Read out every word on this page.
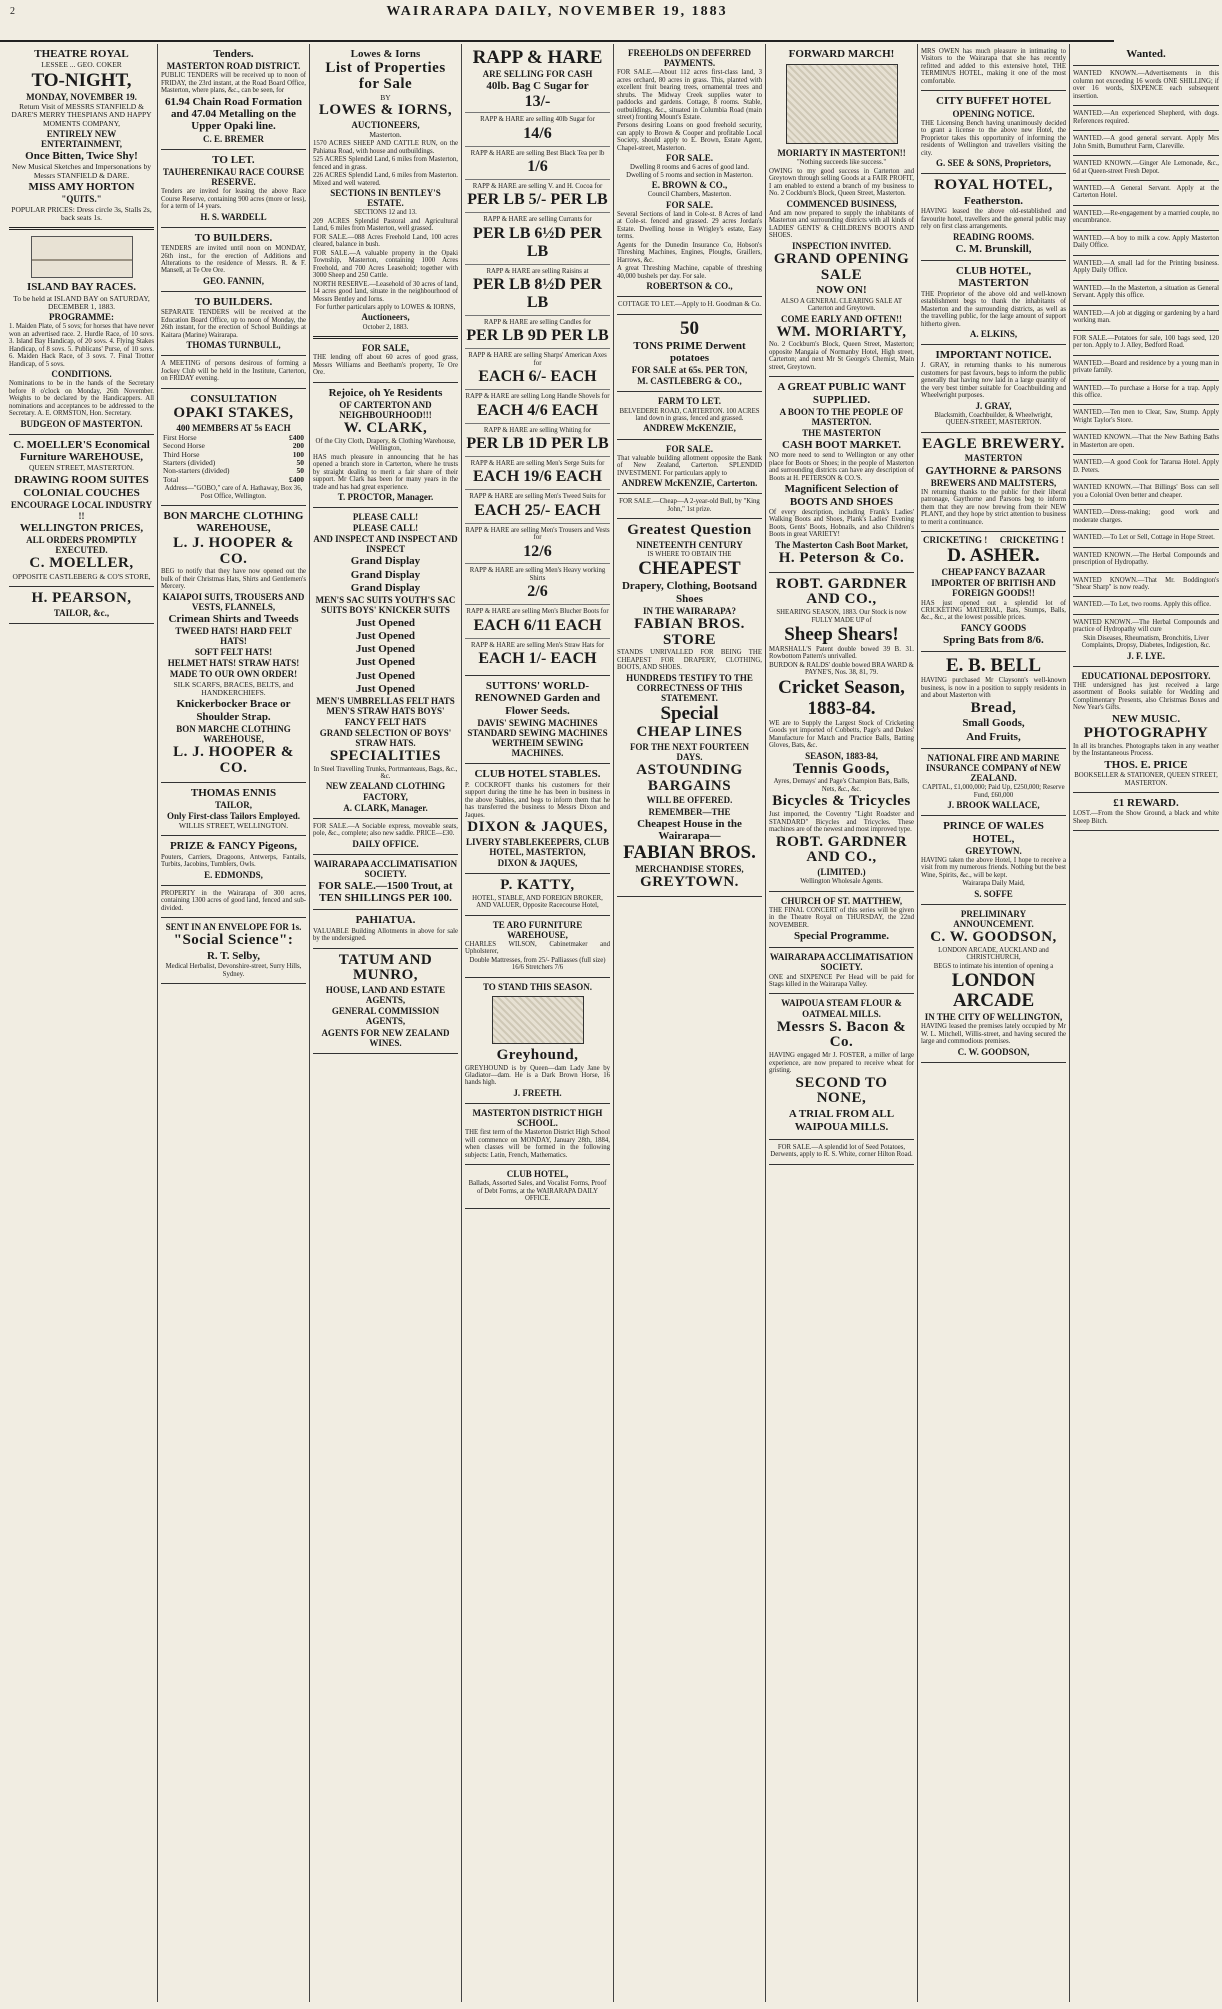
2	WAIRARAPA DAILY, NOVEMBER 19, 1883

THEATRE ROYAL

LESSEE ... GEO. COKER

TO-NIGHT,

MONDAY, NOVEMBER 19.

Return Visit of MESSRS STANFIELD & DARE'S MERRY THESPIANS AND HAPPY MOMENTS COMPANY,

ENTIRELY NEW ENTERTAINMENT,

Once Bitten, Twice Shy!

New Musical Sketches and Impersonations by Messrs STANFIELD & DARE.

MISS AMY HORTON

"QUITS."

POPULAR PRICES: Dress circle 3s, Stalls 2s, back seats 1s.

ISLAND BAY RACES.

To be held at ISLAND BAY on SATURDAY, DECEMBER 1, 1883.

PROGRAMME:

1. Maiden Plate, of 5 sovs; for horses that have never won an advertised race. 2. Hurdle Race, of 10 sovs. 3. Island Bay Handicap, of 20 sovs. 4. Flying Stakes Handicap, of 8 sovs. 5. Publicans' Purse, of 10 sovs. 6. Maiden Hack Race, of 3 sovs. 7. Final Trotter Handicap, of 5 sovs.

CONDITIONS.

Nominations to be in the hands of the Secretary before 8 o'clock on Monday, 26th November. Weights to be declared by the Handicappers. All nominations and acceptances to be addressed to the Secretary. A. E. ORMSTON, Hon. Secretary.

BUDGEON OF MASTERTON.

C. MOELLER'S Economical Furniture WAREHOUSE,

QUEEN STREET, MASTERTON.

DRAWING ROOM SUITES

COLONIAL COUCHES

ENCOURAGE LOCAL INDUSTRY !!

WELLINGTON PRICES,

ALL ORDERS PROMPTLY EXECUTED.

C. MOELLER,

OPPOSITE CASTLEBERG & CO'S STORE,

H. PEARSON,

TAILOR, &c.,

Tenders.

MASTERTON ROAD DISTRICT.

PUBLIC TENDERS will be received up to noon of FRIDAY, the 23rd instant, at the Road Board Office, Masterton, where plans, &c., can be seen, for

61.94 Chain Road Formation and 47.04 Metalling on the Upper Opaki line.

C. E. BREMER

TO LET.

TAUHERENIKAU RACE COURSE RESERVE.

Tenders are invited for leasing the above Race Course Reserve, containing 900 acres (more or less), for a term of 14 years.

H. S. WARDELL

TO BUILDERS.

TENDERS are invited until noon on MONDAY, 26th inst., for the erection of Additions and Alterations to the residence of Messrs. R. & F. Mansell, at Te Ore Ore.

GEO. FANNIN,

TO BUILDERS.

SEPARATE TENDERS will be received at the Education Board Office, up to noon of Monday, the 26th instant, for the erection of School Buildings at Kaitara (Marine) Wairarapa.

THOMAS TURNBULL,

A MEETING of persons desirous of forming a Jockey Club will be held in the Institute, Carterton, on FRIDAY evening.

CONSULTATION

OPAKI STAKES,

400 MEMBERS AT 5s EACH

First Horse	£400
Second Horse	200
Third Horse	100
Starters (divided)	50
Non-starters (divided)	50
Total	£400

Address—"GOBO," care of A. Hathaway, Box 36, Post Office, Wellington.

BON MARCHE CLOTHING WAREHOUSE,

L. J. HOOPER & CO.

BEG to notify that they have now opened out the bulk of their Christmas Hats, Shirts and Gentlemen's Mercery.

KAIAPOI SUITS, TROUSERS AND VESTS, FLANNELS,

Crimean Shirts and Tweeds

TWEED HATS! HARD FELT HATS!

SOFT FELT HATS!

HELMET HATS! STRAW HATS!

MADE TO OUR OWN ORDER!

SILK SCARFS, BRACES, BELTS, and HANDKERCHIEFS.

Knickerbocker Brace or Shoulder Strap.

BON MARCHE CLOTHING WAREHOUSE,

L. J. HOOPER & CO.

THOMAS ENNIS

TAILOR,

Only First-class Tailors Employed.

WILLIS STREET, WELLINGTON.

PRIZE & FANCY Pigeons,

Pouters, Carriers, Dragoons, Antwerps, Fantails, Turbits, Jacobins, Tumblers, Owls.

E. EDMONDS,

PROPERTY in the Wairarapa of 300 acres, containing 1300 acres of good land, fenced and sub-divided.

SENT IN AN ENVELOPE FOR 1s.

"Social Science":

R. T. Selby,

Medical Herbalist, Devonshire-street, Surry Hills, Sydney.

Lowes & Iorns

List of Properties for Sale

BY

LOWES & IORNS,

AUCTIONEERS,

Masterton.

1570 ACRES SHEEP AND CATTLE RUN, on the Pahiatua Road, with house and outbuildings.

525 ACRES Splendid Land, 6 miles from Masterton, fenced and in grass.

226 ACRES Splendid Land, 6 miles from Masterton. Mixed and well watered.

SECTIONS IN BENTLEY'S ESTATE.

SECTIONS 12 and 13.

209 ACRES Splendid Pastoral and Agricultural Land, 6 miles from Masterton, well grassed.

FOR SALE.—088 Acres Freehold Land, 100 acres cleared, balance in bush.

FOR SALE.—A valuable property in the Opaki Township, Masterton, containing 1000 Acres Freehold, and 700 Acres Leasehold; together with 3000 Sheep and 250 Cattle.

NORTH RESERVE.—Leasehold of 30 acres of land, 14 acres good land, situate in the neighbourhood of Messrs Bentley and Iorns.

For further particulars apply to LOWES & IORNS,

Auctioneers,

October 2, 1883.

FOR SALE,

THE lending off about 60 acres of good grass, Messrs Williams and Beetham's property, Te Ore Ore.

Rejoice, oh Ye Residents

OF CARTERTON AND NEIGHBOURHOOD!!!

W. CLARK,

Of the City Cloth, Drapery, & Clothing Warehouse, Wellington,

HAS much pleasure in announcing that he has opened a branch store in Carterton, where he trusts by straight dealing to merit a fair share of their support. Mr Clark has been for many years in the trade and has had great experience.

T. PROCTOR, Manager.

PLEASE CALL!

PLEASE CALL!

AND INSPECT AND INSPECT AND INSPECT

Grand Display

Grand Display

Grand Display

MEN'S SAC SUITS YOUTH'S SAC SUITS BOYS' KNICKER SUITS

Just Opened

Just Opened

Just Opened

Just Opened

Just Opened

Just Opened

MEN'S UMBRELLAS FELT HATS MEN'S STRAW HATS BOYS' FANCY FELT HATS

GRAND SELECTION OF BOYS' STRAW HATS.

SPECIALITIES

In Steel Travelling Trunks, Portmanteaus, Bags, &c., &c.

NEW ZEALAND CLOTHING FACTORY,

A. CLARK, Manager.

FOR SALE.—A Sociable express, moveable seats, pole, &c., complete; also new saddle. PRICE—£30.

DAILY OFFICE.

WAIRARAPA ACCLIMATISATION SOCIETY.

FOR SALE.—1500 Trout, at TEN SHILLINGS PER 100.

PAHIATUA.

VALUABLE Building Allotments in above for sale by the undersigned.

TATUM AND MUNRO,

HOUSE, LAND AND ESTATE AGENTS,

GENERAL COMMISSION AGENTS,

AGENTS FOR NEW ZEALAND WINES.

RAPP & HARE

ARE SELLING FOR CASH

40lb. Bag C Sugar for

13/-

RAPP & HARE are selling 40lb Sugar for

14/6

RAPP & HARE are selling Best Black Tea per lb

1/6

RAPP & HARE are selling V. and H. Cocoa for

PER LB 5/- PER LB

RAPP & HARE are selling Currants for

PER LB 6½D PER LB

RAPP & HARE are selling Raisins at

PER LB 8½D PER LB

RAPP & HARE are selling Candles for

PER LB 9D PER LB

RAPP & HARE are selling Sharps' American Axes for

EACH 6/- EACH

RAPP & HARE are selling Long Handle Shovels for

EACH 4/6 EACH

RAPP & HARE are selling Whiting for

PER LB 1D PER LB

RAPP & HARE are selling Men's Serge Suits for

EACH 19/6 EACH

RAPP & HARE are selling Men's Tweed Suits for

EACH 25/- EACH

RAPP & HARE are selling Men's Trousers and Vests for

12/6

RAPP & HARE are selling Men's Heavy working Shirts

2/6

RAPP & HARE are selling Men's Blucher Boots for

EACH 6/11 EACH

RAPP & HARE are selling Men's Straw Hats for

EACH 1/- EACH

SUTTONS' WORLD-RENOWNED Garden and Flower Seeds.

DAVIS' SEWING MACHINES STANDARD SEWING MACHINES WERTHEIM SEWING MACHINES.

CLUB HOTEL STABLES.

P. COCKROFT thanks his customers for their support during the time he has been in business in the above Stables, and begs to inform them that he has transferred the business to Messrs Dixon and Jaques.

DIXON & JAQUES,

LIVERY STABLEKEEPERS, CLUB HOTEL, MASTERTON,

DIXON & JAQUES,

P. KATTY,

HOTEL, STABLE, AND FOREIGN BROKER, AND VALUER, Opposite Racecourse Hotel,

TE ARO FURNITURE WAREHOUSE,

CHARLES WILSON, Cabinetmaker and Upholsterer,

Double Mattresses, from 25/- Palliasses (full size) 16/6 Stretchers 7/6

TO STAND THIS SEASON.

Greyhound,

GREYHOUND is by Queen—dam Lady Jane by Gladiator—dam. He is a Dark Brown Horse, 16 hands high.

J. FREETH.

MASTERTON DISTRICT HIGH SCHOOL.

THE first term of the Masterton District High School will commence on MONDAY, January 28th, 1884, when classes will be formed in the following subjects: Latin, French, Mathematics.

CLUB HOTEL,

Ballads, Assorted Sales, and Vocalist Forms, Proof of Debt Forms, at the WAIRARAPA DAILY OFFICE.

FREEHOLDS ON DEFERRED PAYMENTS.

FOR SALE.—About 112 acres first-class land, 3 acres orchard, 80 acres in grass. This, planted with excellent fruit bearing trees, ornamental trees and shrubs. The Midway Creek supplies water to paddocks and gardens. Cottage, 8 rooms. Stable, outbuildings, &c., situated in Columbia Road (main street) fronting Mount's Estate.

Persons desiring Loans on good freehold security, can apply to Brown & Cooper and profitable Local Society, should apply to E. Brown, Estate Agent, Chapel-street, Masterton.

FOR SALE.

Dwelling 8 rooms and 6 acres of good land. Dwelling of 5 rooms and section in Masterton.

E. BROWN & CO.,

Council Chambers, Masterton.

FOR SALE.

Several Sections of land in Cole-st. 8 Acres of land at Cole-st. fenced and grassed. 29 acres Jordan's Estate. Dwelling house in Wrigley's estate, Easy terms.

Agents for the Dunedin Insurance Co, Hobson's Threshing Machines, Engines, Ploughs, Graillers, Harrows, &c.

A great Threshing Machine, capable of threshing 40,000 bushels per day. For sale.

ROBERTSON & CO.,

COTTAGE TO LET.—Apply to H. Goodman & Co.

50

TONS PRIME Derwent potatoes

FOR SALE at 65s. PER TON,

M. CASTLEBERG & CO.,

FARM TO LET.

BELVEDERE ROAD, CARTERTON. 100 ACRES land down in grass, fenced and grassed.

ANDREW McKENZIE,

FOR SALE.

That valuable building allotment opposite the Bank of New Zealand, Carterton. SPLENDID INVESTMENT. For particulars apply to

ANDREW McKENZIE, Carterton.

FOR SALE.—Cheap—A 2-year-old Bull, by "King John," 1st prize.

Greatest Question

NINETEENTH CENTURY

IS WHERE TO OBTAIN THE

CHEAPEST

Drapery, Clothing, Bootsand Shoes

IN THE WAIRARAPA?

FABIAN BROS. STORE

STANDS UNRIVALLED FOR BEING THE CHEAPEST FOR DRAPERY, CLOTHING, BOOTS, AND SHOES.

HUNDREDS TESTIFY TO THE CORRECTNESS OF THIS STATEMENT.

Special

CHEAP LINES

FOR THE NEXT FOURTEEN DAYS.

ASTOUNDING BARGAINS

WILL BE OFFERED.

REMEMBER—THE

Cheapest House in the Wairarapa—

FABIAN BROS.

MERCHANDISE STORES,

GREYTOWN.

FORWARD MARCH!

MORIARTY IN MASTERTON!!

"Nothing succeeds like success."

OWING to my good success in Carterton and Greytown through selling Goods at a FAIR PROFIT, I am enabled to extend a branch of my business to No. 2 Cockburn's Block, Queen Street, Masterton.

COMMENCED BUSINESS,

And am now prepared to supply the inhabitants of Masterton and surrounding districts with all kinds of LADIES' GENTS' & CHILDREN'S BOOTS AND SHOES.

INSPECTION INVITED.

GRAND OPENING SALE

NOW ON!

ALSO A GENERAL CLEARING SALE AT Carterton and Greytown.

COME EARLY AND OFTEN!!

WM. MORIARTY,

No. 2 Cockburn's Block, Queen Street, Masterton; opposite Mangaia of Normanby Hotel, High street, Carterton; and next Mr St George's Chemist, Main street, Greytown.

A GREAT PUBLIC WANT SUPPLIED.

A BOON TO THE PEOPLE OF MASTERTON.

THE MASTERTON

CASH BOOT MARKET.

NO more need to send to Wellington or any other place for Boots or Shoes; in the people of Masterton and surrounding districts can have any description of Boots at H. PETERSON & CO.'S.

Magnificent Selection of BOOTS AND SHOES

Of every description, including Frank's Ladies' Walking Boots and Shoes, Plank's Ladies' Evening Boots, Gents' Boots, Hobnails, and also Children's Boots in great VARIETY!

The Masterton Cash Boot Market,

H. Peterson & Co.

ROBT. GARDNER AND CO.,

SHEARING SEASON, 1883. Our Stock is now FULLY MADE UP of

Sheep Shears!

MARSHALL'S Patent double bowed 39 B. 31. Rowbottom Pattern's unrivalled.

BURDON & RALDS' double bowed BRA WARD & PAYNE'S, Nos. 38, 81, 79.

Cricket Season,

1883-84.

WE are to Supply the Largest Stock of Cricketing Goods yet imported of Cobbetts, Page's and Dukes' Manufacture for Match and Practice Balls, Batting Gloves, Bats, &c.

SEASON, 1883-84,

Tennis Goods,

Ayres, Demays' and Page's Champion Bats, Balls, Nets, &c., &c.

Bicycles & Tricycles

Just imported, the Coventry "Light Roadster and STANDARD" Bicycles and Tricycles. These machines are of the newest and most improved type.

ROBT. GARDNER AND CO.,

(LIMITED.)

Wellington Wholesale Agents.

CHURCH OF ST. MATTHEW,

THE FINAL CONCERT of this series will be given in the Theatre Royal on THURSDAY, the 22nd NOVEMBER.

Special Programme.

WAIRARAPA ACCLIMATISATION SOCIETY.

ONE and SIXPENCE Per Head will be paid for Stags killed in the Wairarapa Valley.

WAIPOUA STEAM FLOUR & OATMEAL MILLS.

Messrs S. Bacon & Co.

HAVING engaged Mr J. FOSTER, a miller of large experience, are now prepared to receive wheat for gristing.

SECOND TO NONE,

A TRIAL FROM ALL

WAIPOUA MILLS.

FOR SALE.—A splendid lot of Seed Potatoes, Derwents, apply to R. S. White, corner Hilton Road.

MRS OWEN has much pleasure in intimating to Visitors to the Wairarapa that she has recently refitted and added to this extensive hotel, THE TERMINUS HOTEL, making it one of the most comfortable.

CITY BUFFET HOTEL

OPENING NOTICE.

THE Licensing Bench having unanimously decided to grant a license to the above new Hotel, the Proprietor takes this opportunity of informing the residents of Wellington and travellers visiting the city.

G. SEE & SONS, Proprietors,

ROYAL HOTEL,

Featherston.

HAVING leased the above old-established and favourite hotel, travellers and the general public may rely on first class arrangements.

READING ROOMS.

C. M. Brunskill,

CLUB HOTEL, MASTERTON

THE Proprietor of the above old and well-known establishment begs to thank the inhabitants of Masterton and the surrounding districts, as well as the travelling public, for the large amount of support hitherto given.

A. ELKINS,

IMPORTANT NOTICE.

J. GRAY, in returning thanks to his numerous customers for past favours, begs to inform the public generally that having now laid in a large quantity of the very best timber suitable for Coachbuilding and Wheelwright purposes.

J. GRAY,

Blacksmith, Coachbuilder, & Wheelwright, QUEEN-STREET, MASTERTON.

EAGLE BREWERY.

MASTERTON

GAYTHORNE & PARSONS

BREWERS AND MALTSTERS,

IN returning thanks to the public for their liberal patronage, Gaythorne and Parsons beg to inform them that they are now brewing from their NEW PLANT, and they hope by strict attention to business to merit a continuance.

CRICKETING ! CRICKETING !

D. ASHER.

CHEAP FANCY BAZAAR

IMPORTER OF BRITISH AND FOREIGN GOODS!!

HAS just opened out a splendid lot of CRICKETING MATERIAL, Bats, Stumps, Balls, &c., &c., at the lowest possible prices.

FANCY GOODS

Spring Bats from 8/6.

E. B. BELL

HAVING purchased Mr Claysonn's well-known business, is now in a position to supply residents in and about Masterton with

Bread,

Small Goods,

And Fruits,

NATIONAL FIRE AND MARINE INSURANCE COMPANY of NEW ZEALAND.

CAPITAL, £1,000,000; Paid Up, £250,000; Reserve Fund, £60,000

J. BROOK WALLACE,

PRINCE OF WALES HOTEL,

GREYTOWN.

HAVING taken the above Hotel, I hope to receive a visit from my numerous friends. Nothing but the best Wine, Spirits, &c., will be kept.

Wairarapa Daily Maid,

S. SOFFE

PRELIMINARY ANNOUNCEMENT.

C. W. GOODSON,

LONDON ARCADE, AUCKLAND and CHRISTCHURCH,

BEGS to intimate his intention of opening a

LONDON ARCADE

IN THE CITY OF WELLINGTON,

HAVING leased the premises lately occupied by Mr W. L. Mitchell, Willis-street, and having secured the large and commodious premises.

C. W. GOODSON,

Wanted.

WANTED KNOWN.—Advertisements in this column not exceeding 16 words ONE SHILLING; if over 16 words, SIXPENCE each subsequent insertion.

WANTED.—An experienced Shepherd, with dogs. References required.

WANTED.—A good general servant. Apply Mrs John Smith, Bumuthrut Farm, Clareville.

WANTED KNOWN.—Ginger Ale Lemonade, &c., 6d at Queen-street Fresh Depot.

WANTED.—A General Servant. Apply at the Carterton Hotel.

WANTED.—Re-engagement by a married couple, no encumbrance.

WANTED.—A boy to milk a cow. Apply Masterton Daily Office.

WANTED.—A small lad for the Printing business. Apply Daily Office.

WANTED.—In the Masterton, a situation as General Servant. Apply this office.

WANTED.—A job at digging or gardening by a hard working man.

FOR SALE.—Potatoes for sale, 100 bags seed, 120 per ton. Apply to J. Alley, Bedford Road.

WANTED.—Board and residence by a young man in private family.

WANTED.—To purchase a Horse for a trap. Apply this office.

WANTED.—Ten men to Clear, Saw, Stump. Apply Wright Taylor's Store.

WANTED KNOWN.—That the New Bathing Baths in Masterton are open.

WANTED.—A good Cook for Tararua Hotel. Apply D. Peters.

WANTED KNOWN.—That Billings' Boss can sell you a Colonial Oven better and cheaper.

WANTED.—Dress-making; good work and moderate charges.

WANTED.—To Let or Sell, Cottage in Hope Street.

WANTED KNOWN.—The Herbal Compounds and prescription of Hydropathy.

WANTED KNOWN.—That Mr. Boddington's "Shear Sharp" is now ready.

WANTED.—To Let, two rooms. Apply this office.

WANTED KNOWN.—The Herbal Compounds and practice of Hydropathy will cure

Skin Diseases, Rheumatism, Bronchitis, Liver Complaints, Dropsy, Diabetes, Indigestion, &c.

J. F. LYE.

EDUCATIONAL DEPOSITORY.

THE undersigned has just received a large assortment of Books suitable for Wedding and Complimentary Presents, also Christmas Boxes and New Year's Gifts.

NEW MUSIC.

PHOTOGRAPHY

In all its branches. Photographs taken in any weather by the Instantaneous Process.

THOS. E. PRICE

BOOKSELLER & STATIONER, QUEEN STREET, MASTERTON.

£1 REWARD.

LOST.—From the Show Ground, a black and white Sheep Bitch.
